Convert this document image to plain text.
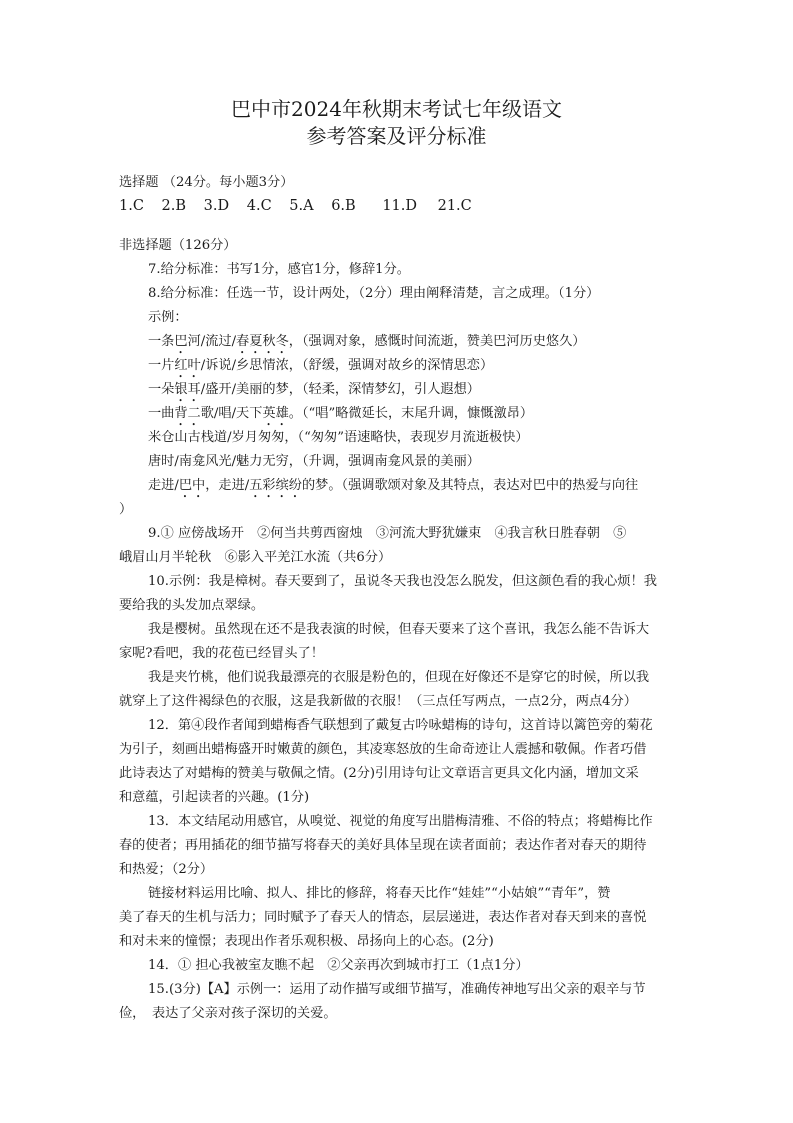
巴中市2024年秋期末考试七年级语文
参考答案及评分标准
选择题 （24分。每小题3分）
1.C 2.B 3.D 4.C 5.A 6.B 11.D 21.C
非选择题（126分）
7.给分标准：书写1分，感官1分，修辞1分。
8.给分标准：任选一节，设计两处，（2分）理由阐释清楚，言之成理。（1分）
示例：
一条巴河/流过/春夏秋冬，（强调对象，感慨时间流逝，赞美巴河历史悠久）
一片红叶/诉说/乡思情浓，（舒缓，强调对故乡的深情思恋）
一朵银耳/盛开/美丽的梦，（轻柔，深情梦幻，引人遐想）
一曲背二歌/唱/天下英雄。（“唱”略微延长，末尾升调，慷慨激昂）
米仓山古栈道/岁月匆匆，（“匆匆”语速略快，表现岁月流逝极快）
唐时/南龛风光/魅力无穷，（升调，强调南龛风景的美丽）
走进/巴中，走进/五彩缤纷的梦。（强调歌颂对象及其特点，表达对巴中的热爱与向往
）
9.① 应傍战场开　②何当共剪西窗烛　③河流大野犹嫌束　④我言秋日胜春朝　⑤
峨眉山月半轮秋　⑥影入平羌江水流（共6分）
10.示例：我是樟树。春天要到了，虽说冬天我也没怎么脱发，但这颜色看的我心烦！我
要给我的头发加点翠绿。
我是樱树。虽然现在还不是我表演的时候，但春天要来了这个喜讯，我怎么能不告诉大
家呢?看吧，我的花苞已经冒头了！
我是夹竹桃，他们说我最漂亮的衣服是粉色的，但现在好像还不是穿它的时候，所以我
就穿上了这件褐绿色的衣服，这是我新做的衣服！（三点任写两点，一点2分，两点4分）
12．第④段作者闻到蜡梅香气联想到了戴复古吟咏蜡梅的诗句，这首诗以篱笆旁的菊花
为引子，刻画出蜡梅盛开时嫩黄的颜色，其凌寒怒放的生命奇迹让人震撼和敬佩。作者巧借
此诗表达了对蜡梅的赞美与敬佩之情。(2分)引用诗句让文章语言更具文化内涵，增加文采
和意蕴，引起读者的兴趣。(1分)
13．本文结尾动用感官，从嗅觉、视觉的角度写出腊梅清雅、不俗的特点；将蜡梅比作
春的使者；再用插花的细节描写将春天的美好具体呈现在读者面前；表达作者对春天的期待
和热爱；（2分）
链接材料运用比喻、拟人、排比的修辞，将春天比作“娃娃”“小姑娘”“青年”，赞
美了春天的生机与活力；同时赋予了春天人的情态，层层递进，表达作者对春天到来的喜悦
和对未来的憧憬；表现出作者乐观积极、昂扬向上的心态。(2分)
14．① 担心我被室友瞧不起　②父亲再次到城市打工（1点1分）
15.(3分)【A】示例一：运用了动作描写或细节描写，准确传神地写出父亲的艰辛与节
俭，　表达了父亲对孩子深切的关爱。
